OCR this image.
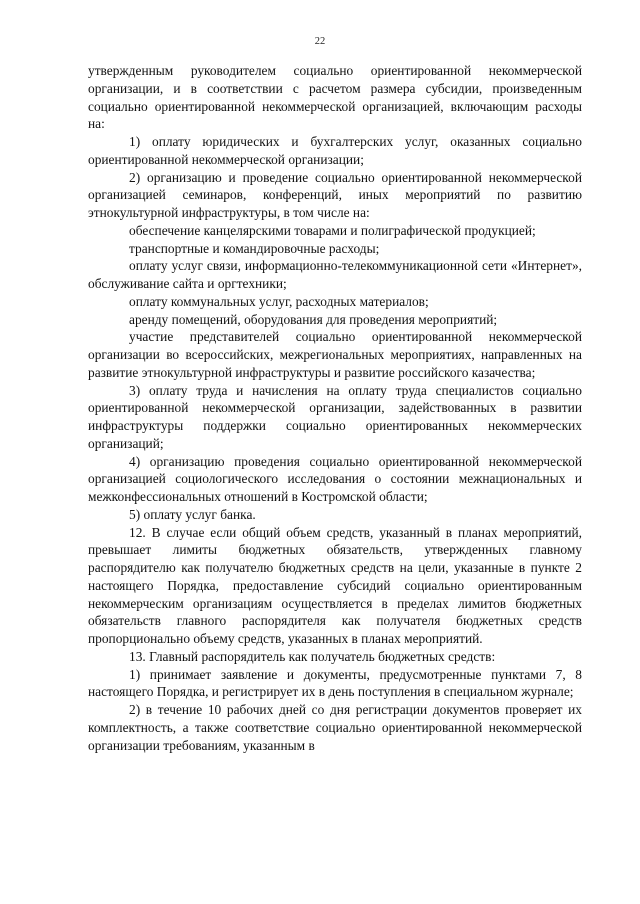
22

утвержденным руководителем социально ориентированной некоммерческой организации, и в соответствии с расчетом размера субсидии, произведенным социально ориентированной некоммерческой организацией, включающим расходы на:

1) оплату юридических и бухгалтерских услуг, оказанных социально ориентированной некоммерческой организации;

2) организацию и проведение социально ориентированной некоммерческой организацией семинаров, конференций, иных мероприятий по развитию этнокультурной инфраструктуры, в том числе на:

обеспечение канцелярскими товарами и полиграфической продукцией;

транспортные и командировочные расходы;

оплату услуг связи, информационно-телекоммуникационной сети «Интернет», обслуживание сайта и оргтехники;

оплату коммунальных услуг, расходных материалов;

аренду помещений, оборудования для проведения мероприятий;

участие представителей социально ориентированной некоммерческой организации во всероссийских, межрегиональных мероприятиях, направленных на развитие этнокультурной инфраструктуры и развитие российского казачества;

3) оплату труда и начисления на оплату труда специалистов социально ориентированной некоммерческой организации, задействованных в развитии инфраструктуры поддержки социально ориентированных некоммерческих организаций;

4) организацию проведения социально ориентированной некоммерческой организацией социологического исследования о состоянии межнациональных и межконфессиональных отношений в Костромской области;

5) оплату услуг банка.

12. В случае если общий объем средств, указанный в планах мероприятий, превышает лимиты бюджетных обязательств, утвержденных главному распорядителю как получателю бюджетных средств на цели, указанные в пункте 2 настоящего Порядка, предоставление субсидий социально ориентированным некоммерческим организациям осуществляется в пределах лимитов бюджетных обязательств главного распорядителя как получателя бюджетных средств пропорционально объему средств, указанных в планах мероприятий.

13. Главный распорядитель как получатель бюджетных средств:

1) принимает заявление и документы, предусмотренные пунктами 7, 8 настоящего Порядка, и регистрирует их в день поступления в специальном журнале;

2) в течение 10 рабочих дней со дня регистрации документов проверяет их комплектность, а также соответствие социально ориентированной некоммерческой организации требованиям, указанным в
